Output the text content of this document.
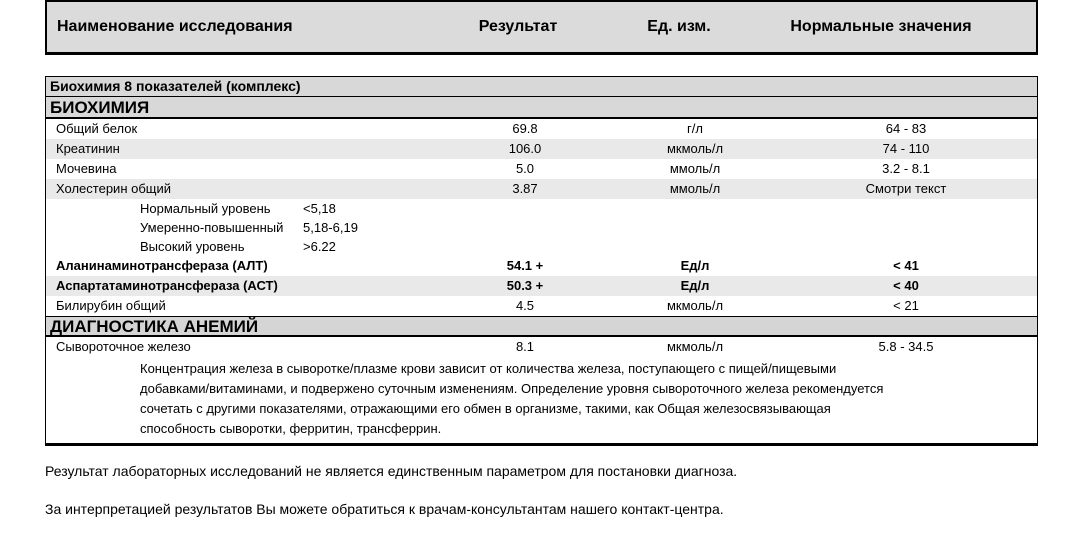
Наименование исследования	Результат	Ед. изм.	Нормальные значения
Биохимия 8 показателей (комплекс)
БИОХИМИЯ
Общий белок	69.8	г/л	64 - 83
Креатинин	106.0	мкмоль/л	74 - 110
Мочевина	5.0	ммоль/л	3.2 - 8.1
Холестерин общий	3.87	ммоль/л	Смотри текст
Нормальный уровень	<5,18
Умеренно-повышенный	5,18-6,19
Высокий уровень	>6.22
Аланинаминотрансфераза (АЛТ)	54.1 +	Ед/л	< 41
Аспартатаминотрансфераза (АСТ)	50.3 +	Ед/л	< 40
Билирубин общий	4.5	мкмоль/л	< 21
ДИАГНОСТИКА АНЕМИЙ
Сывороточное железо	8.1	мкмоль/л	5.8 - 34.5
Концентрация железа в сыворотке/плазме крови зависит от количества железа, поступающего с пищей/пищевыми
добавками/витаминами, и подвержено суточным изменениям. Определение уровня сывороточного железа рекомендуется
сочетать с другими показателями, отражающими его обмен в организме, такими, как Общая железосвязывающая
способность сыворотки, ферритин, трансферрин.
Результат лабораторных исследований не является единственным параметром для постановки диагноза.
За интерпретацией результатов Вы можете обратиться к врачам-консультантам нашего контакт-центра.
